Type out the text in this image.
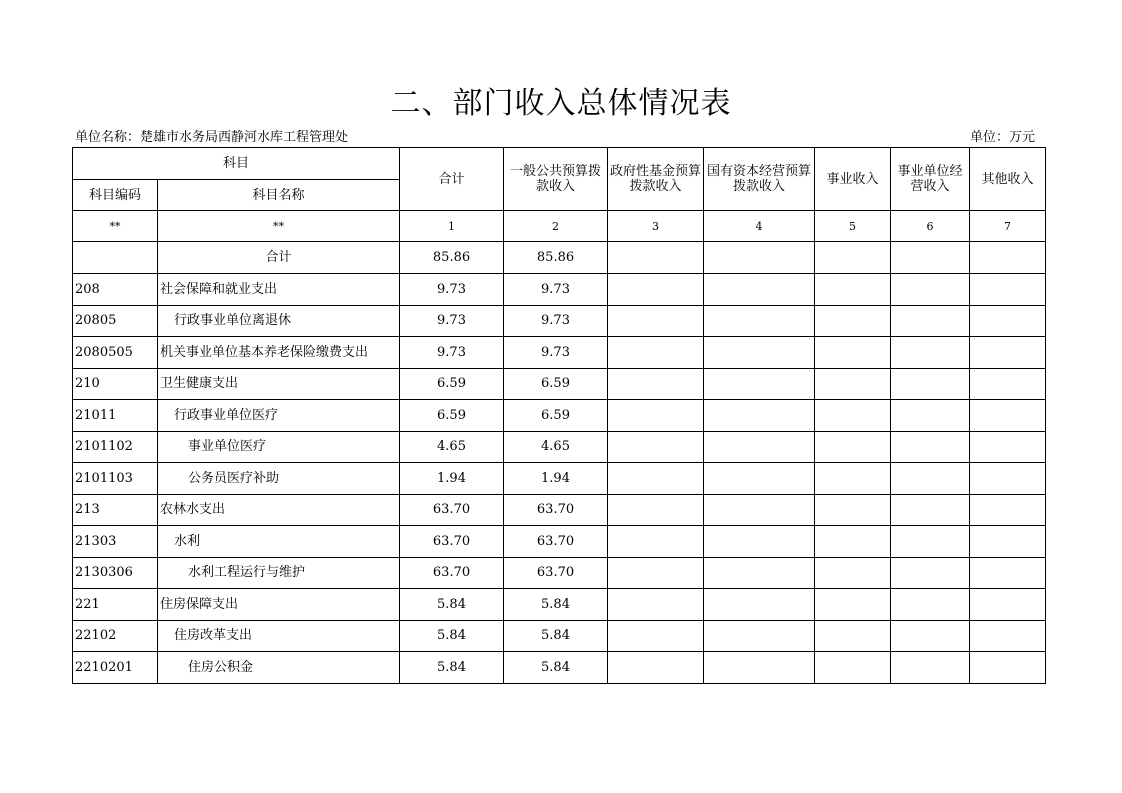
二、部门收入总体情况表
单位名称：楚雄市水务局西静河水库工程管理处	单位：万元
科目		合计	一般公共预算拨款收入	政府性基金预算拨款收入	国有资本经营预算拨款收入	事业收入	事业单位经营收入	其他收入
科目编码	科目名称							
**	**	1	2	3	4	5	6	7
	合计	85.86	85.86					
208	社会保障和就业支出	9.73	9.73					
20805	行政事业单位离退休	9.73	9.73					
2080505	机关事业单位基本养老保险缴费支出	9.73	9.73					
210	卫生健康支出	6.59	6.59					
21011	行政事业单位医疗	6.59	6.59					
2101102	事业单位医疗	4.65	4.65					
2101103	公务员医疗补助	1.94	1.94					
213	农林水支出	63.70	63.70					
21303	水利	63.70	63.70					
2130306	水利工程运行与维护	63.70	63.70					
221	住房保障支出	5.84	5.84					
22102	住房改革支出	5.84	5.84					
2210201	住房公积金	5.84	5.84					
